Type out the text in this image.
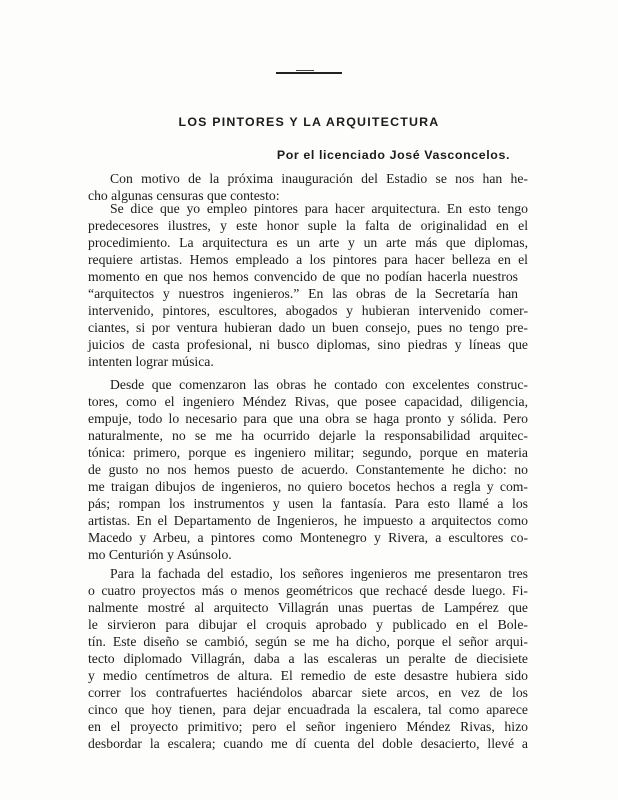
LOS PINTORES Y LA ARQUITECTURA
Por el licenciado José Vasconcelos.
Con motivo de la próxima inauguración del Estadio se nos han he-
cho algunas censuras que contesto:
Se dice que yo empleo pintores para hacer arquitectura. En esto tengo
predecesores ilustres, y este honor suple la falta de originalidad en el
procedimiento. La arquitectura es un arte y un arte más que diplomas,
requiere artistas. Hemos empleado a los pintores para hacer belleza en el
momento en que nos hemos convencido de que no podían hacerla nuestros
“arquitectos y nuestros ingenieros.” En las obras de la Secretaría han
intervenido, pintores, escultores, abogados y hubieran intervenido comer-
ciantes, si por ventura hubieran dado un buen consejo, pues no tengo pre-
juicios de casta profesional, ni busco diplomas, sino piedras y líneas que
intenten lograr música.
Desde que comenzaron las obras he contado con excelentes construc-
tores, como el ingeniero Méndez Rivas, que posee capacidad, diligencia,
empuje, todo lo necesario para que una obra se haga pronto y sólida. Pero
naturalmente, no se me ha ocurrido dejarle la responsabilidad arquitec-
tónica: primero, porque es ingeniero militar; segundo, porque en materia
de gusto no nos hemos puesto de acuerdo. Constantemente he dicho: no
me traigan dibujos de ingenieros, no quiero bocetos hechos a regla y com-
pás; rompan los instrumentos y usen la fantasía. Para esto llamé a los
artistas. En el Departamento de Ingenieros, he impuesto a arquitectos como
Macedo y Arbeu, a pintores como Montenegro y Rivera, a escultores co-
mo Centurión y Asúnsolo.
Para la fachada del estadio, los señores ingenieros me presentaron tres
o cuatro proyectos más o menos geométricos que rechacé desde luego. Fi-
nalmente mostré al arquitecto Villagrán unas puertas de Lampérez que
le sirvieron para dibujar el croquis aprobado y publicado en el Bole-
tín. Este diseño se cambió, según se me ha dicho, porque el señor arqui-
tecto diplomado Villagrán, daba a las escaleras un peralte de diecisiete
y medio centímetros de altura. El remedio de este desastre hubiera sido
correr los contrafuertes haciéndolos abarcar siete arcos, en vez de los
cinco que hoy tienen, para dejar encuadrada la escalera, tal como aparece
en el proyecto primitivo; pero el señor ingeniero Méndez Rivas, hizo
desbordar la escalera; cuando me dí cuenta del doble desacierto, llevé a
